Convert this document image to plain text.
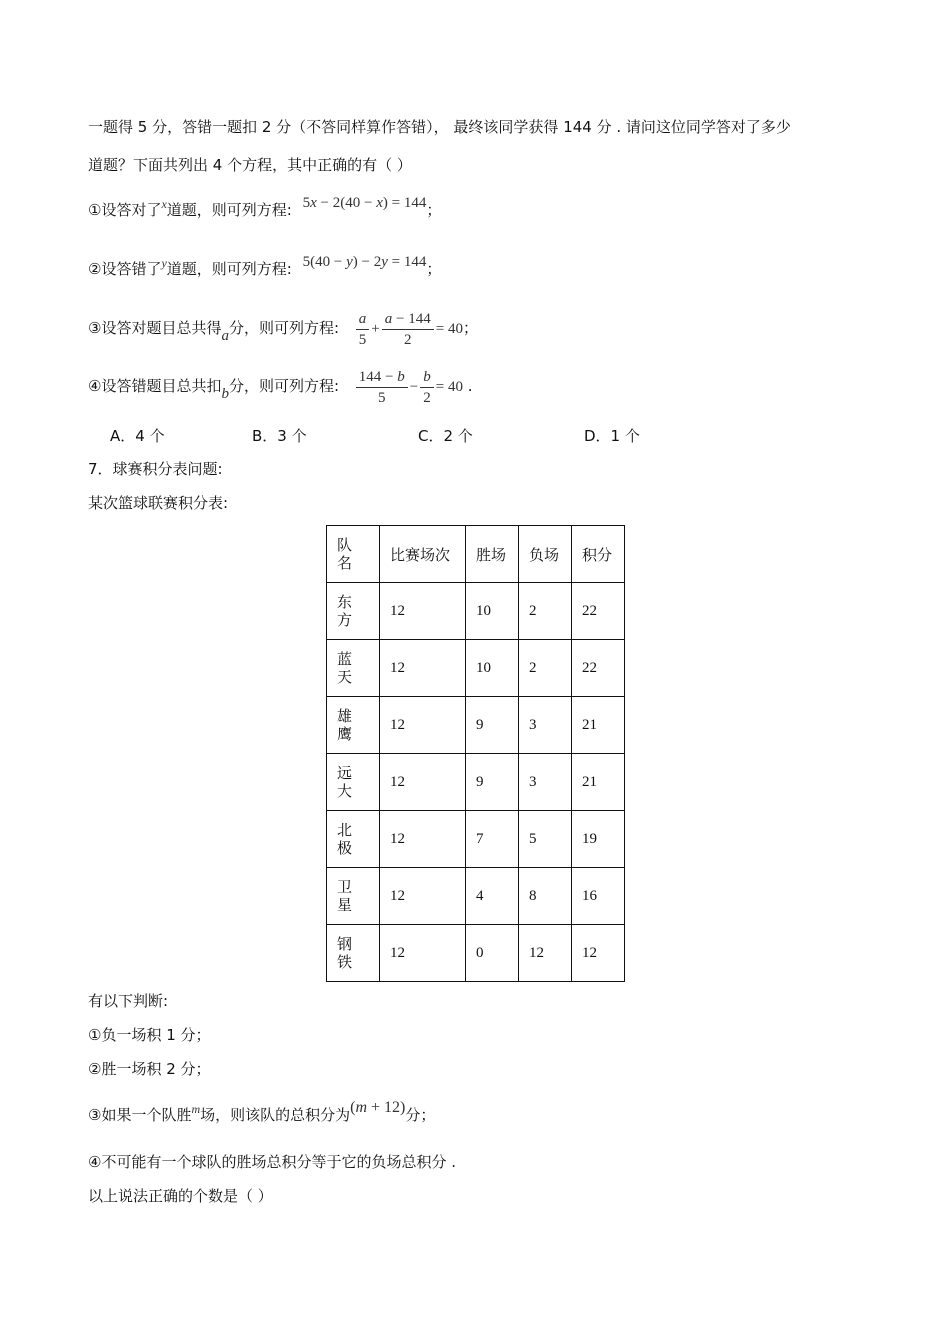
一题得 5 分，答错一题扣 2 分（不答同样算作答错）， 最终该同学获得 144 分 . 请问这位同学答对了多少
道题？下面共列出 4 个方程，其中正确的有（ ）
①设答对了$^x$道题，则可列方程: 5x − 2(40 − x) = 144；
②设答错了$^y$道题，则可列方程: 5(40 − y) − 2y = 144；
③设答对题目总共得a分，则可列方程: $\frac{a}{5} + \frac{a - 144}{2} = 40$；
④设答错题目总共扣b分，则可列方程: $\frac{144 - b}{5} - \frac{b}{2} = 40$ .
A．4 个	B．3 个	C．2 个	D．1 个
7．球赛积分表问题:
某次篮球联赛积分表:
队名	比赛场次	胜场	负场	积分
东方	12	10	2	22
蓝天	12	10	2	22
雄鹰	12	9	3	21
远大	12	9	3	21
北极	12	7	5	19
卫星	12	4	8	16
钢铁	12	0	12	12
有以下判断:
①负一场积 1 分；
②胜一场积 2 分；
③如果一个队胜$^m$场，则该队的总积分为(m + 12)分；
④不可能有一个球队的胜场总积分等于它的负场总积分 .
以上说法正确的个数是（ ）
